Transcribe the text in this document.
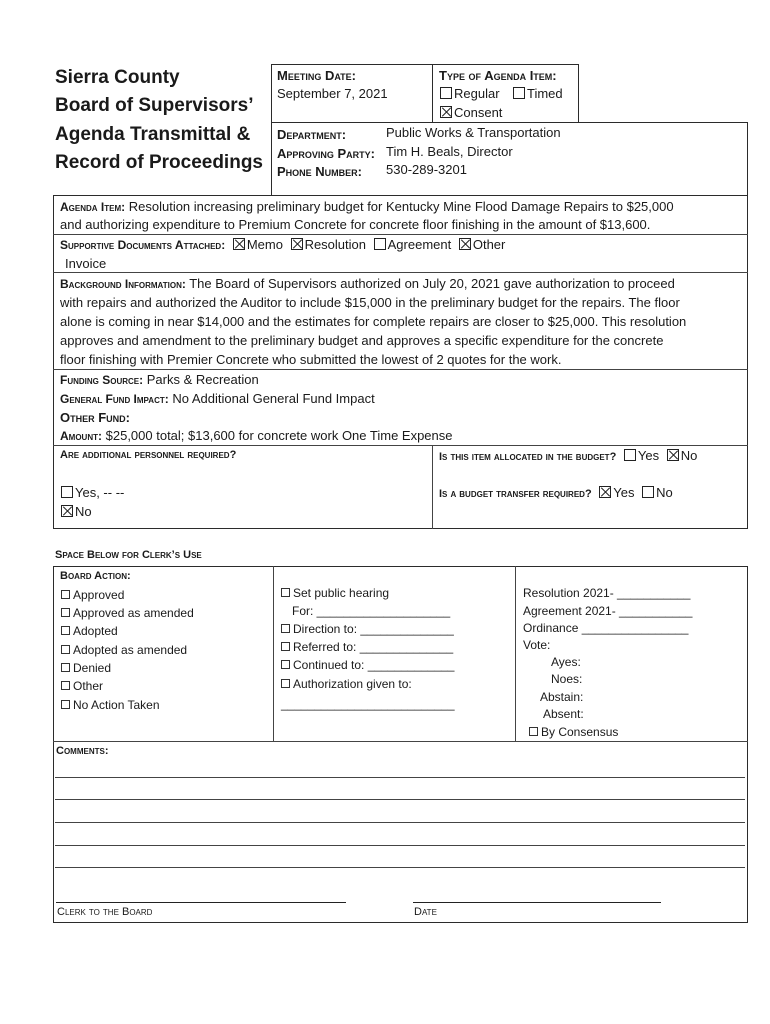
Sierra County
Board of Supervisors’
Agenda Transmittal &
Record of Proceedings
Meeting Date:
September 7, 2021
Type of Agenda Item:
Regular	Timed
Consent
Department:	Public Works & Transportation
Approving Party: Tim H. Beals, Director
Phone Number: 530-289-3201
Agenda Item: Resolution increasing preliminary budget for Kentucky Mine Flood Damage Repairs to $25,000
and authorizing expenditure to Premium Concrete for concrete floor finishing in the amount of $13,600.
Supportive Documents Attached: Memo Resolution Agreement Other
Invoice
Background Information: The Board of Supervisors authorized on July 20, 2021 gave authorization to proceed
with repairs and authorized the Auditor to include $15,000 in the preliminary budget for the repairs. The floor
alone is coming in near $14,000 and the estimates for complete repairs are closer to $25,000. This resolution
approves and amendment to the preliminary budget and approves a specific expenditure for the concrete
floor finishing with Premier Concrete who submitted the lowest of 2 quotes for the work.
Funding Source: Parks & Recreation
General Fund Impact: No Additional General Fund Impact
Other Fund:
Amount: $25,000 total; $13,600 for concrete work One Time Expense
Are additional personnel required?
Yes, -- --
No
Is this item allocated in the budget? Yes No
Is a budget transfer required? Yes No
Space Below for Clerk’s Use
Board Action:
Approved
Approved as amended
Adopted
Adopted as amended
Denied
Other
No Action Taken
Set public hearing
For: ____________________
Direction to: ______________
Referred to: ______________
Continued to: _____________
Authorization given to:
__________________________
Resolution 2021- ___________
Agreement 2021- ___________
Ordinance ________________
Vote:
Ayes:
Noes:
Abstain:
Absent:
By Consensus
Comments:
Clerk to the Board	Date
